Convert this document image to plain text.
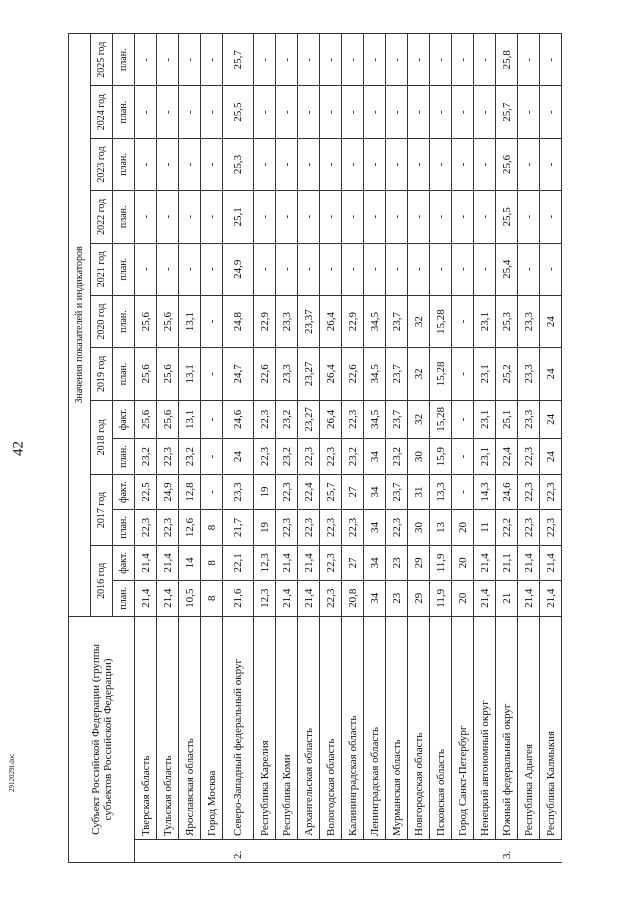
42
2912029l.doc	Субъект Российской Федерации (группы субъектов Российской Федерации)		Значения показателей и индикаторов												
		2016 год		2017 год		2018 год		2019 год	2020 год	2021 год	2022 год	2023 год	2024 год	2025 год
		план.	факт.	план.	факт.	план.	факт.	план.	план.	план.	план.	план.	план.	план.
	Тверская область	21,4	21,4	22,3	22,5	23,2	25,6	25,6	25,6	-	-	-	-	-
	Тульская область	21,4	21,4	22,3	24,9	22,3	25,6	25,6	25,6	-	-	-	-	-
	Ярославская область	10,5	14	12,6	12,8	23,2	13,1	13,1	13,1	-	-	-	-	-
	Город Москва	8	8	8	-	-	-	-	-	-	-	-	-	-
2.	Северо-Западный федеральный округ	21,6	22,1	21,7	23,3	24	24,6	24,7	24,8	24,9	25,1	25,3	25,5	25,7
	Республика Карелия	12,3	12,3	19	19	22,3	22,3	22,6	22,9	-	-	-	-	-
	Республика Коми	21,4	21,4	22,3	22,3	23,2	23,2	23,3	23,3	-	-	-	-	-
	Архангельская область	21,4	21,4	22,3	22,4	22,3	23,27	23,27	23,37	-	-	-	-	-
	Вологодская область	22,3	22,3	22,3	25,7	22,3	26,4	26,4	26,4	-	-	-	-	-
	Калининградская область	20,8	27	22,3	27	23,2	22,3	22,6	22,9	-	-	-	-	-
	Ленинградская область	34	34	34	34	34	34,5	34,5	34,5	-	-	-	-	-
	Мурманская область	23	23	22,3	23,7	23,2	23,7	23,7	23,7	-	-	-	-	-
	Новгородская область	29	29	30	31	30	32	32	32	-	-	-	-	-
	Псковская область	11,9	11,9	13	13,3	15,9	15,28	15,28	15,28	-	-	-	-	-
	Город Санкт-Петербург	20	20	20	-	-	-	-	-	-	-	-	-	-
	Ненецкий автономный округ	21,4	21,4	11	14,3	23,1	23,1	23,1	23,1	-	-	-	-	-
3.	Южный федеральный округ	21	21,1	22,2	24,6	22,4	25,1	25,2	25,3	25,4	25,5	25,6	25,7	25,8
	Республика Адыгея	21,4	21,4	22,3	22,3	22,3	23,3	23,3	23,3	-	-	-	-	-
	Республика Калмыкия	21,4	21,4	22,3	22,3	24	24	24	24	-	-	-	-	-
